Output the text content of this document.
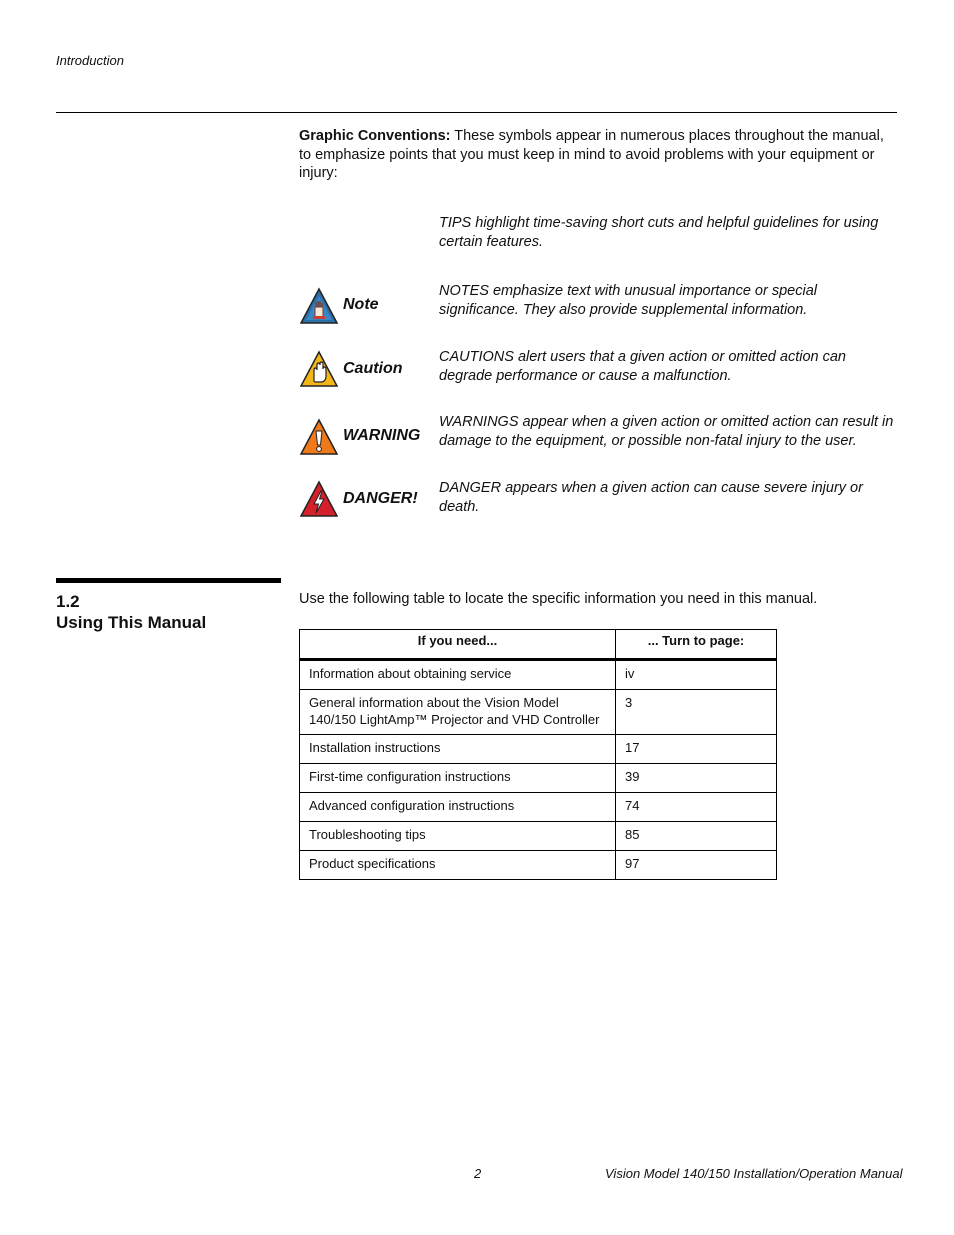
Introduction
Graphic Conventions: These symbols appear in numerous places throughout the manual, to emphasize points that you must keep in mind to avoid problems with your equipment or injury:
TIPS highlight time-saving short cuts and helpful guidelines for using certain features.
Note
NOTES emphasize text with unusual importance or special significance. They also provide supplemental information.
Caution
CAUTIONS alert users that a given action or omitted action can degrade performance or cause a malfunction.
WARNING
WARNINGS appear when a given action or omitted action can result in damage to the equipment, or possible non-fatal injury to the user.
DANGER!
DANGER appears when a given action can cause severe injury or death.
1.2
Using This Manual
Use the following table to locate the specific information you need in this manual.
If you need...	... Turn to page:
Information about obtaining service	iv
General information about the Vision Model 140/150 LightAmp™ Projector and VHD Controller	3
Installation instructions	17
First-time configuration instructions	39
Advanced configuration instructions	74
Troubleshooting tips	85
Product specifications	97
2	Vision Model 140/150 Installation/Operation Manual
